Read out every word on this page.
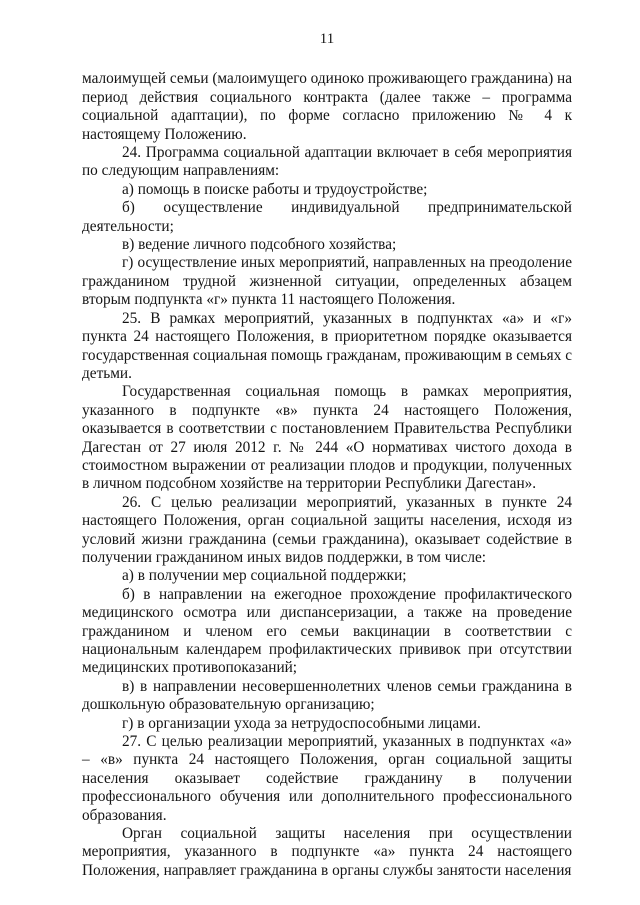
11

малоимущей семьи (малоимущего одиноко проживающего гражданина) на период действия социального контракта (далее также – программа социальной адаптации), по форме согласно приложению № 4 к настоящему Положению.

24. Программа социальной адаптации включает в себя мероприятия по следующим направлениям:

а) помощь в поиске работы и трудоустройстве;

б) осуществление индивидуальной предпринимательской деятельности;

в) ведение личного подсобного хозяйства;

г) осуществление иных мероприятий, направленных на преодоление гражданином трудной жизненной ситуации, определенных абзацем вторым подпункта «г» пункта 11 настоящего Положения.

25. В рамках мероприятий, указанных в подпунктах «а» и «г» пункта 24 настоящего Положения, в приоритетном порядке оказывается государственная социальная помощь гражданам, проживающим в семьях с детьми.

Государственная социальная помощь в рамках мероприятия, указанного в подпункте «в» пункта 24 настоящего Положения, оказывается в соответствии с постановлением Правительства Республики Дагестан от 27 июля 2012 г. № 244 «О нормативах чистого дохода в стоимостном выражении от реализации плодов и продукции, полученных в личном подсобном хозяйстве на территории Республики Дагестан».

26. С целью реализации мероприятий, указанных в пункте 24 настоящего Положения, орган социальной защиты населения, исходя из условий жизни гражданина (семьи гражданина), оказывает содействие в получении гражданином иных видов поддержки, в том числе:

а) в получении мер социальной поддержки;

б) в направлении на ежегодное прохождение профилактического медицинского осмотра или диспансеризации, а также на проведение гражданином и членом его семьи вакцинации в соответствии с национальным календарем профилактических прививок при отсутствии медицинских противопоказаний;

в) в направлении несовершеннолетних членов семьи гражданина в дошкольную образовательную организацию;

г) в организации ухода за нетрудоспособными лицами.

27. С целью реализации мероприятий, указанных в подпунктах «а» – «в» пункта 24 настоящего Положения, орган социальной защиты населения оказывает содействие гражданину в получении профессионального обучения или дополнительного профессионального образования.

Орган социальной защиты населения при осуществлении мероприятия, указанного в подпункте «а» пункта 24 настоящего Положения, направляет гражданина в органы службы занятости населения
